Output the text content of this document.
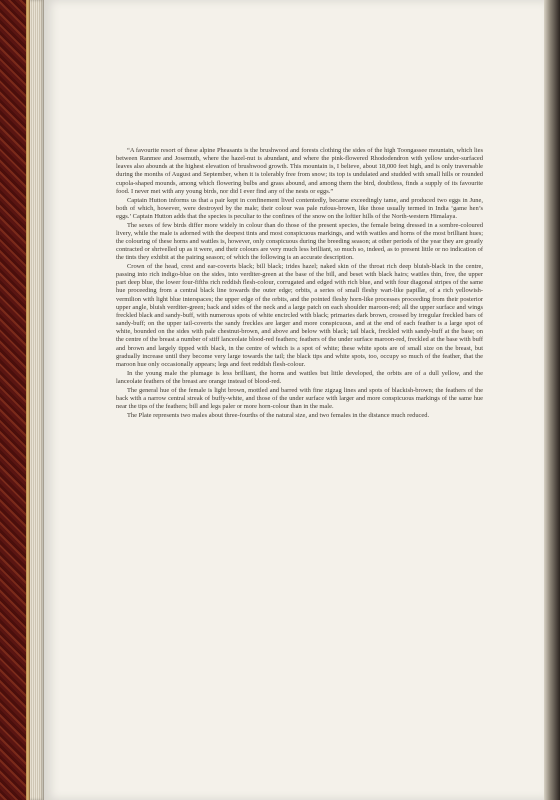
“A favourite resort of these alpine Pheasants is the brushwood and forests clothing the sides of the high Toongassee mountain, which lies between Ranmee and Josemuth, where the hazel-nut is abundant, and where the pink-flowered Rhododendron with yellow under-surfaced leaves also abounds at the highest elevation of brushwood growth. This mountain is, I believe, about 18,000 feet high, and is only traversable during the months of August and September, when it is tolerably free from snow; its top is undulated and studded with small hills or rounded cupola-shaped mounds, among which flowering bulbs and grass abound, and among them the bird, doubtless, finds a supply of its favourite food. I never met with any young birds, nor did I ever find any of the nests or eggs.”

Captain Hutton informs us that a pair kept in confinement lived contentedly, became exceedingly tame, and produced two eggs in June, both of which, however, were destroyed by the male; their colour was pale rufous-brown, like those usually termed in India ‘game hen’s eggs.’ Captain Hutton adds that the species is peculiar to the confines of the snow on the loftier hills of the North-western Himalaya.

The sexes of few birds differ more widely in colour than do those of the present species, the female being dressed in a sombre-coloured livery, while the male is adorned with the deepest tints and most conspicuous markings, and with wattles and horns of the most brilliant hues; the colouring of these horns and wattles is, however, only conspicuous during the breeding season; at other periods of the year they are greatly contracted or shrivelled up as it were, and their colours are very much less brilliant, so much so, indeed, as to present little or no indication of the tints they exhibit at the pairing season; of which the following is an accurate description.

Crown of the head, crest and ear-coverts black; bill black; irides hazel; naked skin of the throat rich deep bluish-black in the centre, passing into rich indigo-blue on the sides, into verditer-green at the base of the bill, and beset with black hairs; wattles thin, free, the upper part deep blue, the lower four-fifths rich reddish flesh-colour, corrugated and edged with rich blue, and with four diagonal stripes of the same hue proceeding from a central black line towards the outer edge; orbits, a series of small fleshy wart-like papillæ, of a rich yellowish-vermilion with light blue interspaces; the upper edge of the orbits, and the pointed fleshy horn-like processes proceeding from their posterior upper angle, bluish verditer-green; back and sides of the neck and a large patch on each shoulder maroon-red; all the upper surface and wings freckled black and sandy-buff, with numerous spots of white encircled with black; primaries dark brown, crossed by irregular freckled bars of sandy-buff; on the upper tail-coverts the sandy freckles are larger and more conspicuous, and at the end of each feather is a large spot of white, bounded on the sides with pale chestnut-brown, and above and below with black; tail black, freckled with sandy-buff at the base; on the centre of the breast a number of stiff lanceolate blood-red feathers; feathers of the under surface maroon-red, freckled at the base with buff and brown and largely tipped with black, in the centre of which is a spot of white; these white spots are of small size on the breast, but gradually increase until they become very large towards the tail; the black tips and white spots, too, occupy so much of the feather, that the maroon hue only occasionally appears; legs and feet reddish flesh-colour.

In the young male the plumage is less brilliant, the horns and wattles but little developed, the orbits are of a dull yellow, and the lanceolate feathers of the breast are orange instead of blood-red.

The general hue of the female is light brown, mottled and barred with fine zigzag lines and spots of blackish-brown; the feathers of the back with a narrow central streak of buffy-white, and those of the under surface with larger and more conspicuous markings of the same hue near the tips of the feathers; bill and legs paler or more horn-colour than in the male.

The Plate represents two males about three-fourths of the natural size, and two females in the distance much reduced.
